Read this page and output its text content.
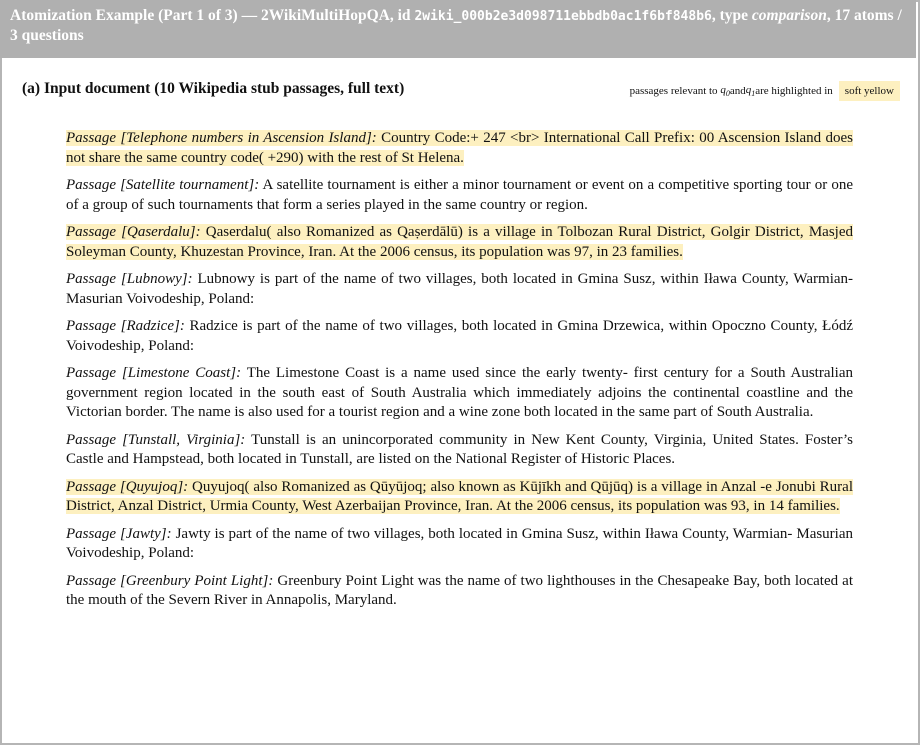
Atomization Example (Part 1 of 3) — 2WikiMultiHopQA, id 2wiki_000b2e3d098711ebbdb0ac1f6bf848b6, type comparison, 17 atoms / 3 questions
(a) Input document (10 Wikipedia stub passages, full text)	passages relevant to
$q_0$ and $q_1$ are highlighted in	soft yellow

Passage [Telephone numbers in Ascension Island]: Country Code:+ 247 <br> International Call Prefix: 00 Ascension Island does not share the same country code( +290) with the rest of St Helena.

Passage [Satellite tournament]: A satellite tournament is either a minor tournament or event on a competitive sporting tour or one of a group of such tournaments that form a series played in the same country or region.

Passage [Qaserdalu]: Qaserdalu( also Romanized as Qaṣerdālū) is a village in Tolbozan Rural District, Golgir District, Masjed Soleyman County, Khuzestan Province, Iran. At the 2006 census, its population was 97, in 23 families.

Passage [Lubnowy]: Lubnowy is part of the name of two villages, both located in Gmina Susz, within Iława County, Warmian- Masurian Voivodeship, Poland:

Passage [Radzice]: Radzice is part of the name of two villages, both located in Gmina Drzewica, within Opoczno County, Łódź Voivodeship, Poland:

Passage [Limestone Coast]: The Limestone Coast is a name used since the early twenty- first century for a South Australian government region located in the south east of South Australia which immediately adjoins the continental coastline and the Victorian border. The name is also used for a tourist region and a wine zone both located in the same part of South Australia.

Passage [Tunstall, Virginia]: Tunstall is an unincorporated community in New Kent County, Virginia, United States. Foster’s Castle and Hampstead, both located in Tunstall, are listed on the National Register of Historic Places.

Passage [Quyujoq]: Quyujoq( also Romanized as Qūyūjoq; also known as Kūjīkh and Qūjūq) is a village in Anzal -e Jonubi Rural District, Anzal District, Urmia County, West Azerbaijan Province, Iran. At the 2006 census, its population was 93, in 14 families.

Passage [Jawty]: Jawty is part of the name of two villages, both located in Gmina Susz, within Iława County, Warmian- Masurian Voivodeship, Poland:

Passage [Greenbury Point Light]: Greenbury Point Light was the name of two lighthouses in the Chesapeake Bay, both located at the mouth of the Severn River in Annapolis, Maryland.
